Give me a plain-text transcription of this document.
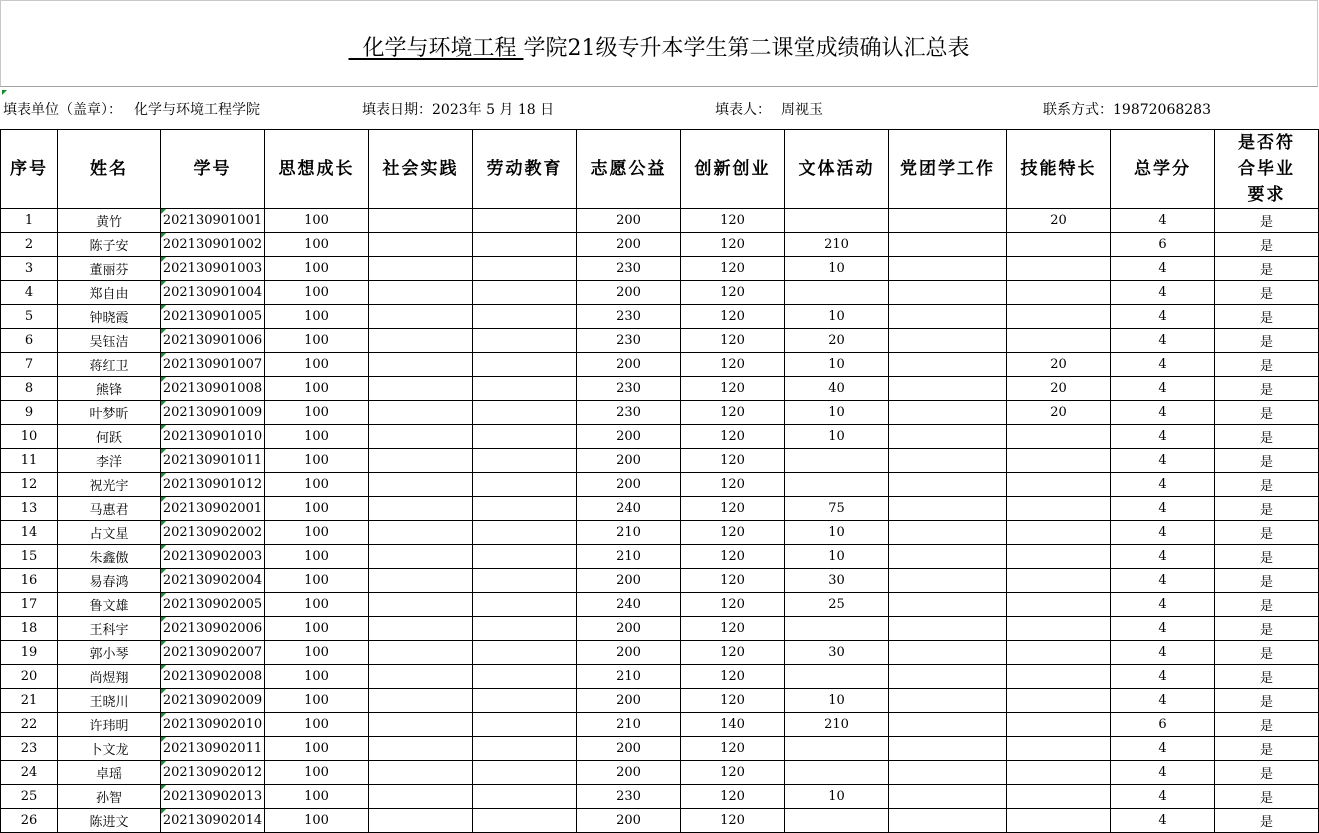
化学与环境工程 学院21级专升本学生第二课堂成绩确认汇总表
填表单位（盖章）： 化学与环境工程学院	填表日期：2023年 5 月 18 日	填表人： 周视玉	联系方式：19872068283
序号	姓名	学号	思想成长	社会实践	劳动教育	志愿公益	创新创业	文体活动	党团学工作	技能特长	总学分	是否符合毕业要求
1	黄竹	202130901001	100			200	120			20	4	是
2	陈子安	202130901002	100			200	120	210			6	是
3	董丽芬	202130901003	100			230	120	10			4	是
4	郑自由	202130901004	100			200	120				4	是
5	钟晓霞	202130901005	100			230	120	10			4	是
6	吴钰洁	202130901006	100			230	120	20			4	是
7	蒋红卫	202130901007	100			200	120	10		20	4	是
8	熊锋	202130901008	100			230	120	40		20	4	是
9	叶梦昕	202130901009	100			230	120	10		20	4	是
10	何跃	202130901010	100			200	120	10			4	是
11	李洋	202130901011	100			200	120				4	是
12	祝光宇	202130901012	100			200	120				4	是
13	马惠君	202130902001	100			240	120	75			4	是
14	占文星	202130902002	100			210	120	10			4	是
15	朱鑫傲	202130902003	100			210	120	10			4	是
16	易春鸿	202130902004	100			200	120	30			4	是
17	鲁文雄	202130902005	100			240	120	25			4	是
18	王科宇	202130902006	100			200	120				4	是
19	郭小琴	202130902007	100			200	120	30			4	是
20	尚煜翔	202130902008	100			210	120				4	是
21	王晓川	202130902009	100			200	120	10			4	是
22	许玮明	202130902010	100			210	140	210			6	是
23	卜文龙	202130902011	100			200	120				4	是
24	卓瑶	202130902012	100			200	120				4	是
25	孙智	202130902013	100			230	120	10			4	是
26	陈进文	202130902014	100			200	120				4	是
